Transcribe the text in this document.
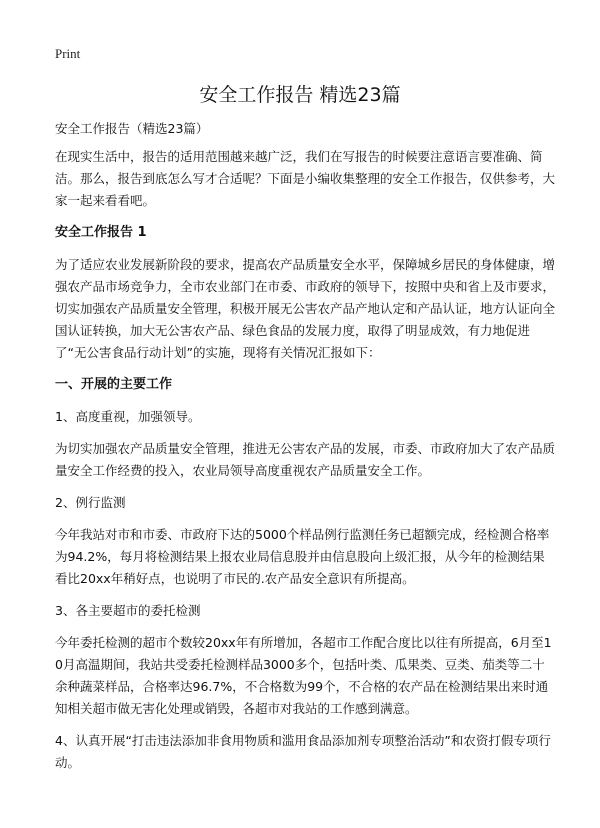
Print
安全工作报告 精选23篇

安全工作报告（精选23篇）

在现实生活中，报告的适用范围越来越广泛，我们在写报告的时候要注意语言要准确、简洁。那么，报告到底怎么写才合适呢？下面是小编收集整理的安全工作报告，仅供参考，大家一起来看看吧。

安全工作报告 1

为了适应农业发展新阶段的要求，提高农产品质量安全水平，保障城乡居民的身体健康，增强农产品市场竞争力，全市农业部门在市委、市政府的领导下，按照中央和省上及市要求，切实加强农产品质量安全管理，积极开展无公害农产品产地认定和产品认证，地方认证向全国认证转换，加大无公害农产品、绿色食品的发展力度，取得了明显成效，有力地促进了“无公害食品行动计划”的实施，现将有关情况汇报如下：

一、开展的主要工作

1、高度重视，加强领导。

为切实加强农产品质量安全管理，推进无公害农产品的发展，市委、市政府加大了农产品质量安全工作经费的投入，农业局领导高度重视农产品质量安全工作。

2、例行监测

今年我站对市和市委、市政府下达的5000个样品例行监测任务已超额完成，经检测合格率为94.2%，每月将检测结果上报农业局信息股并由信息股向上级汇报，从今年的检测结果看比20xx年稍好点，也说明了市民的.农产品安全意识有所提高。

3、各主要超市的委托检测

今年委托检测的超市个数较20xx年有所增加，各超市工作配合度比以往有所提高，6月至10月高温期间，我站共受委托检测样品3000多个，包括叶类、瓜果类、豆类、茄类等二十余种蔬菜样品，合格率达96.7%，不合格数为99个，不合格的农产品在检测结果出来时通知相关超市做无害化处理或销毁，各超市对我站的工作感到满意。

4、认真开展“打击违法添加非食用物质和滥用食品添加剂专项整治活动”和农资打假专项行动。
